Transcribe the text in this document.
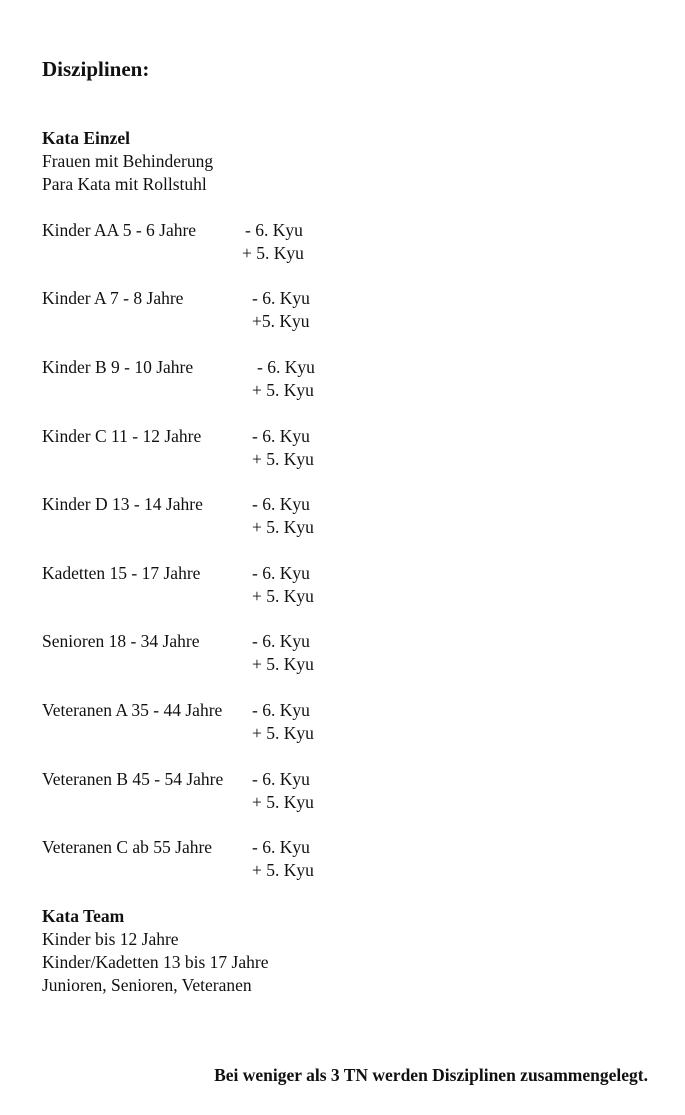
Disziplinen:
Kata Einzel
Frauen mit Behinderung
Para Kata mit Rollstuhl
Kinder AA 5 - 6 Jahre	- 6. Kyu
+ 5. Kyu
Kinder A 7 - 8 Jahre	- 6. Kyu
+5. Kyu
Kinder B 9 - 10 Jahre	- 6. Kyu
+ 5. Kyu
Kinder C 11 - 12 Jahre	- 6. Kyu
+ 5. Kyu
Kinder D 13 - 14 Jahre	- 6. Kyu
+ 5. Kyu
Kadetten 15 - 17 Jahre	- 6. Kyu
+ 5. Kyu
Senioren 18 - 34 Jahre	- 6. Kyu
+ 5. Kyu
Veteranen A 35 - 44 Jahre - 6. Kyu
+ 5. Kyu
Veteranen B 45 - 54 Jahre - 6. Kyu
+ 5. Kyu
Veteranen C ab 55 Jahre - 6. Kyu
+ 5. Kyu
Kata Team
Kinder bis 12 Jahre
Kinder/Kadetten 13 bis 17 Jahre
Junioren, Senioren, Veteranen
Bei weniger als 3 TN werden Disziplinen zusammengelegt.
